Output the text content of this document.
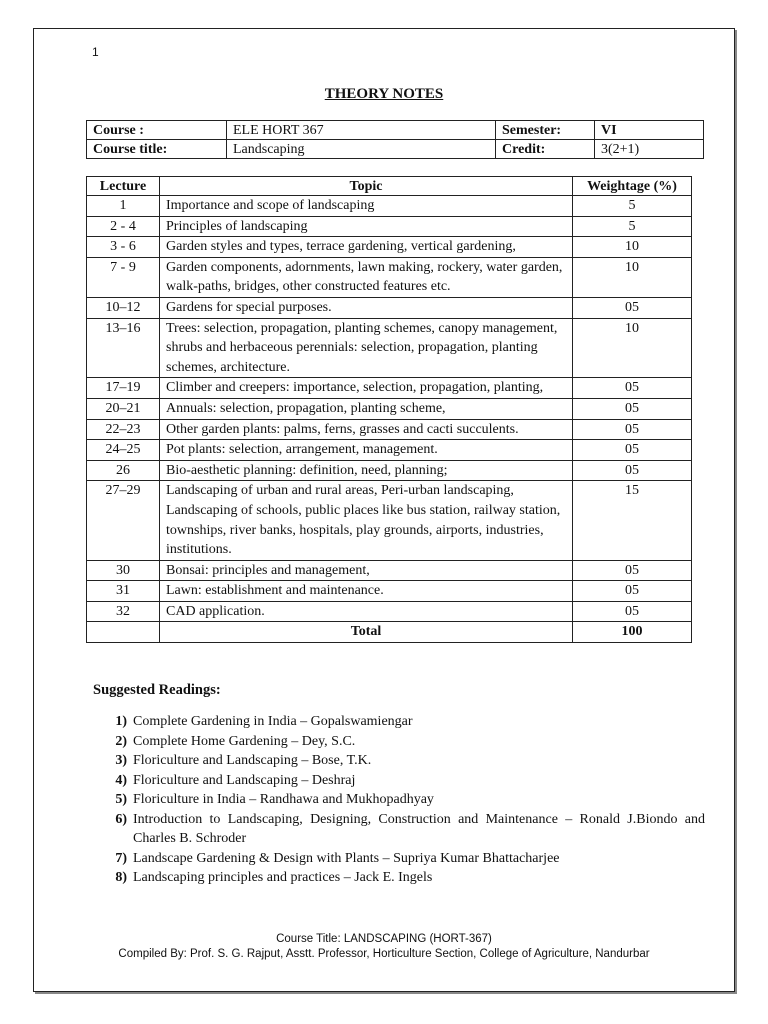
1
THEORY NOTES
Course :	ELE HORT 367	Semester:	VI
Course title:	Landscaping	Credit:	3(2+1)
Lecture	Topic	Weightage (%)
1	Importance and scope of landscaping	5
2 - 4	Principles of landscaping	5
3 - 6	Garden styles and types, terrace gardening, vertical gardening,	10
7 - 9	Garden components, adornments, lawn making, rockery, water garden, walk-paths, bridges, other constructed features etc.	10
10–12	Gardens for special purposes.	05
13–16	Trees: selection, propagation, planting schemes, canopy management, shrubs and herbaceous perennials: selection, propagation, planting schemes, architecture.	10
17–19	Climber and creepers: importance, selection, propagation, planting,	05
20–21	Annuals: selection, propagation, planting scheme,	05
22–23	Other garden plants: palms, ferns, grasses and cacti succulents.	05
24–25	Pot plants: selection, arrangement, management.	05
26	Bio-aesthetic planning: definition, need, planning;	05
27–29	Landscaping of urban and rural areas, Peri-urban landscaping, Landscaping of schools, public places like bus station, railway station, townships, river banks, hospitals, play grounds, airports, industries, institutions.	15
30	Bonsai: principles and management,	05
31	Lawn: establishment and maintenance.	05
32	CAD application.	05
	Total	100
Suggested Readings:
1) Complete Gardening in India – Gopalswamiengar
2) Complete Home Gardening – Dey, S.C.
3) Floriculture and Landscaping – Bose, T.K.
4) Floriculture and Landscaping – Deshraj
5) Floriculture in India – Randhawa and Mukhopadhyay
6) Introduction to Landscaping, Designing, Construction and Maintenance – Ronald J.Biondo and Charles B. Schroder
7) Landscape Gardening & Design with Plants – Supriya Kumar Bhattacharjee
8) Landscaping principles and practices – Jack E. Ingels
Course Title: LANDSCAPING (HORT-367)
Compiled By: Prof. S. G. Rajput, Asstt. Professor, Horticulture Section, College of Agriculture, Nandurbar
